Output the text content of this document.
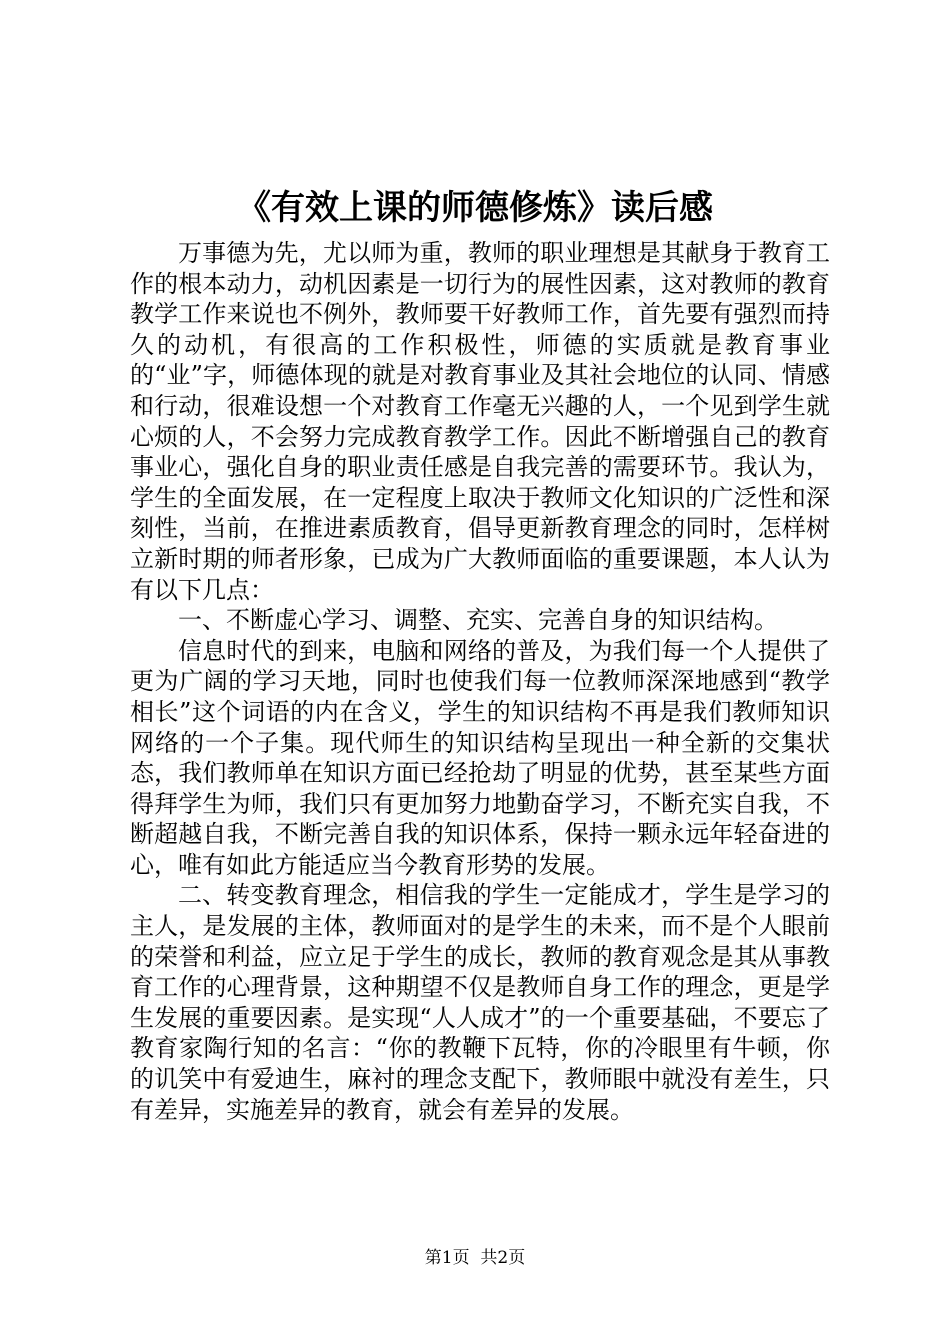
《有效上课的师德修炼》读后感

万事德为先，尤以师为重，教师的职业理想是其献身于教育工作的根本动力，动机因素是一切行为的展性因素，这对教师的教育教学工作来说也不例外，教师要干好教师工作，首先要有强烈而持久的动机，有很高的工作积极性，师德的实质就是教育事业的“业”字，师德体现的就是对教育事业及其社会地位的认同、情感和行动，很难设想一个对教育工作毫无兴趣的人，一个见到学生就心烦的人，不会努力完成教育教学工作。因此不断增强自己的教育事业心，强化自身的职业责任感是自我完善的需要环节。我认为，学生的全面发展，在一定程度上取决于教师文化知识的广泛性和深刻性，当前，在推进素质教育，倡导更新教育理念的同时，怎样树立新时期的师者形象，已成为广大教师面临的重要课题，本人认为有以下几点：

一、不断虚心学习、调整、充实、完善自身的知识结构。

信息时代的到来，电脑和网络的普及，为我们每一个人提供了更为广阔的学习天地，同时也使我们每一位教师深深地感到“教学相长”这个词语的内在含义，学生的知识结构不再是我们教师知识网络的一个子集。现代师生的知识结构呈现出一种全新的交集状态，我们教师单在知识方面已经抢劫了明显的优势，甚至某些方面得拜学生为师，我们只有更加努力地勤奋学习，不断充实自我，不断超越自我，不断完善自我的知识体系，保持一颗永远年轻奋进的心，唯有如此方能适应当今教育形势的发展。

二、转变教育理念，相信我的学生一定能成才，学生是学习的主人，是发展的主体，教师面对的是学生的未来，而不是个人眼前的荣誉和利益，应立足于学生的成长，教师的教育观念是其从事教育工作的心理背景，这种期望不仅是教师自身工作的理念，更是学生发展的重要因素。是实现“人人成才”的一个重要基础，不要忘了教育家陶行知的名言：“你的教鞭下瓦特，你的冷眼里有牛顿，你的讥笑中有爱迪生，麻衬的理念支配下，教师眼中就没有差生，只有差异，实施差异的教育，就会有差异的发展。

第1页 共2页
